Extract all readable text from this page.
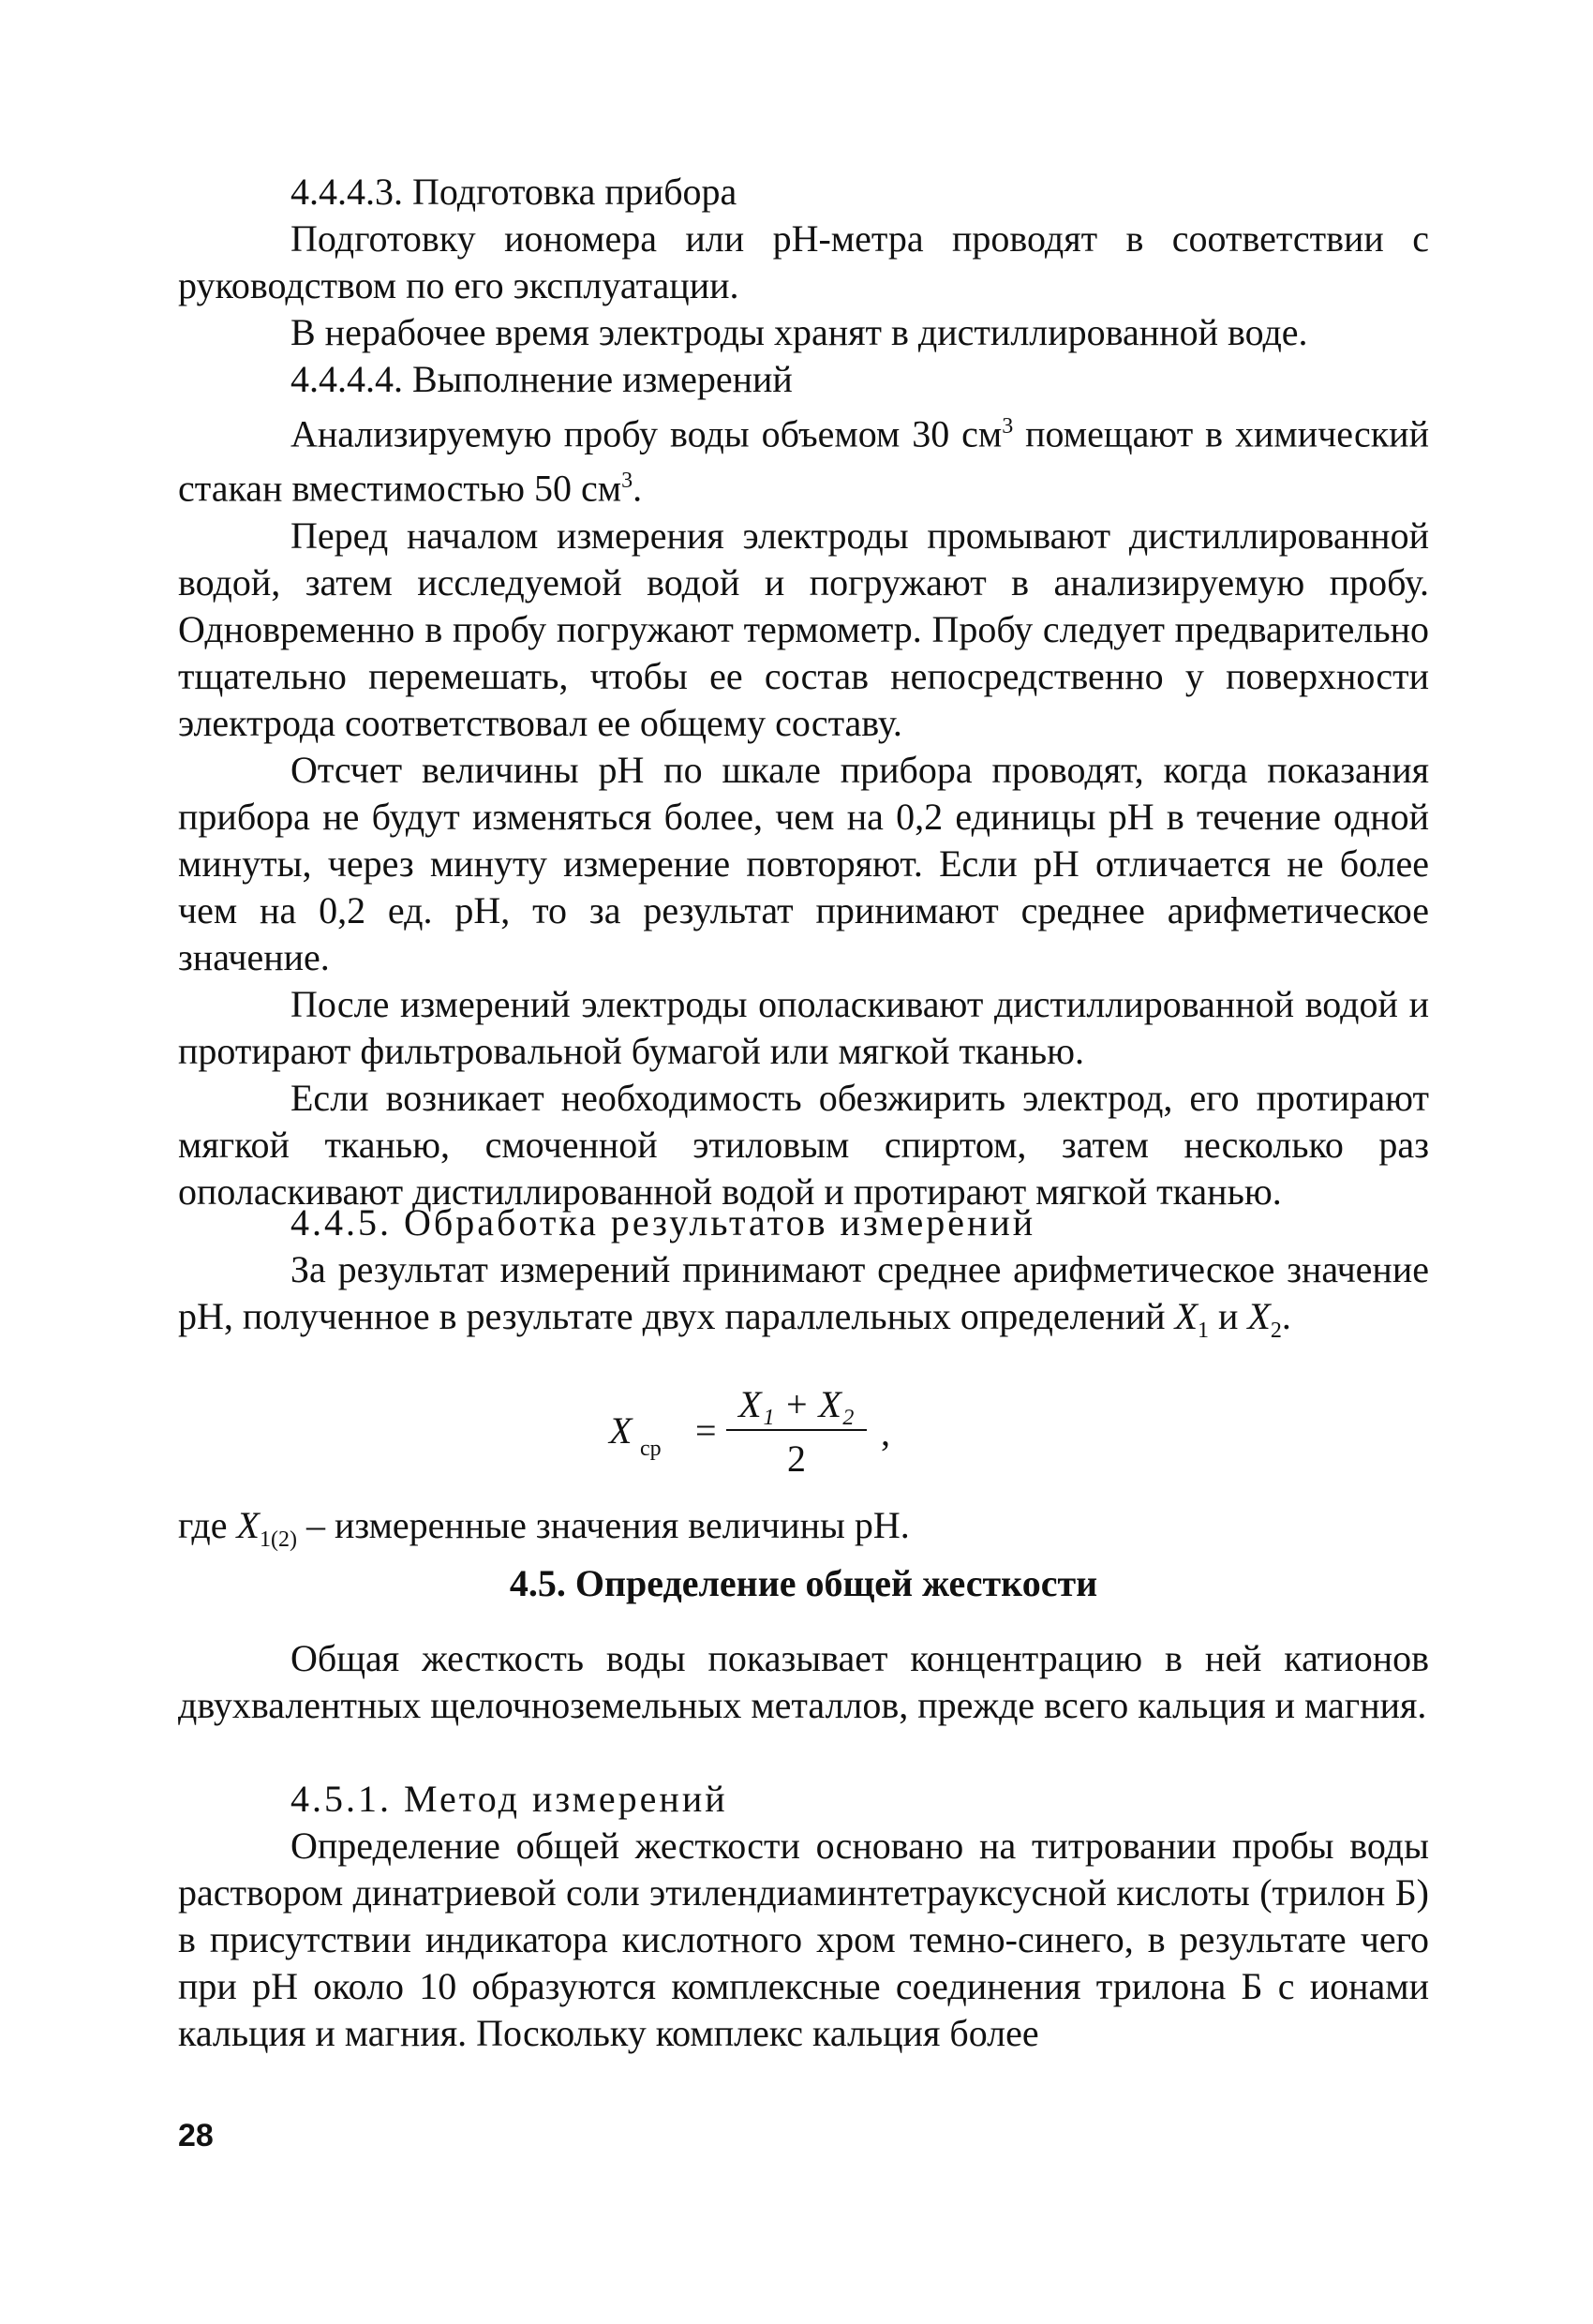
4.4.4.3. Подготовка прибора
Подготовку иономера или рН-метра проводят в соответствии с руководством по его эксплуатации.
В нерабочее время электроды хранят в дистиллированной воде.
4.4.4.4. Выполнение измерений
Анализируемую пробу воды объемом 30 $см^3$ помещают в химический стакан вместимостью 50 $см^3$.
Перед началом измерения электроды промывают дистиллированной водой, затем исследуемой водой и погружают в анализируемую пробу. Одновременно в пробу погружают термометр. Пробу следует предварительно тщательно перемешать, чтобы ее состав непосредственно у поверхности электрода соответствовал ее общему составу.
Отсчет величины рН по шкале прибора проводят, когда показания прибора не будут изменяться более, чем на 0,2 единицы рН в течение одной минуты, через минуту измерение повторяют. Если рН отличается не более чем на 0,2 ед. рН, то за результат принимают среднее арифметическое значение.
После измерений электроды ополаскивают дистиллированной водой и протирают фильтровальной бумагой или мягкой тканью.
Если возникает необходимость обезжирить электрод, его протирают мягкой тканью, смоченной этиловым спиртом, затем несколько раз ополаскивают дистиллированной водой и протирают мягкой тканью.
4.4.5. Обработка результатов измерений
За результат измерений принимают среднее арифметическое значение рН, полученное в результате двух параллельных определений $X_1$ и $X_2$.
X ср =
X₁ + X₂
2
,
где $X_{1(2)}$ – измеренные значения величины рН.
4.5. Определение общей жесткости
Общая жесткость воды показывает концентрацию в ней катионов двухвалентных щелочноземельных металлов, прежде всего кальция и магния.
4.5.1. Метод измерений
Определение общей жесткости основано на титровании пробы воды раствором динатриевой соли этилендиаминтетрауксусной кислоты (трилон Б) в присутствии индикатора кислотного хром темно-синего, в результате чего при рН около 10 образуются комплексные соединения трилона Б с ионами кальция и магния. Поскольку комплекс кальция более
28
